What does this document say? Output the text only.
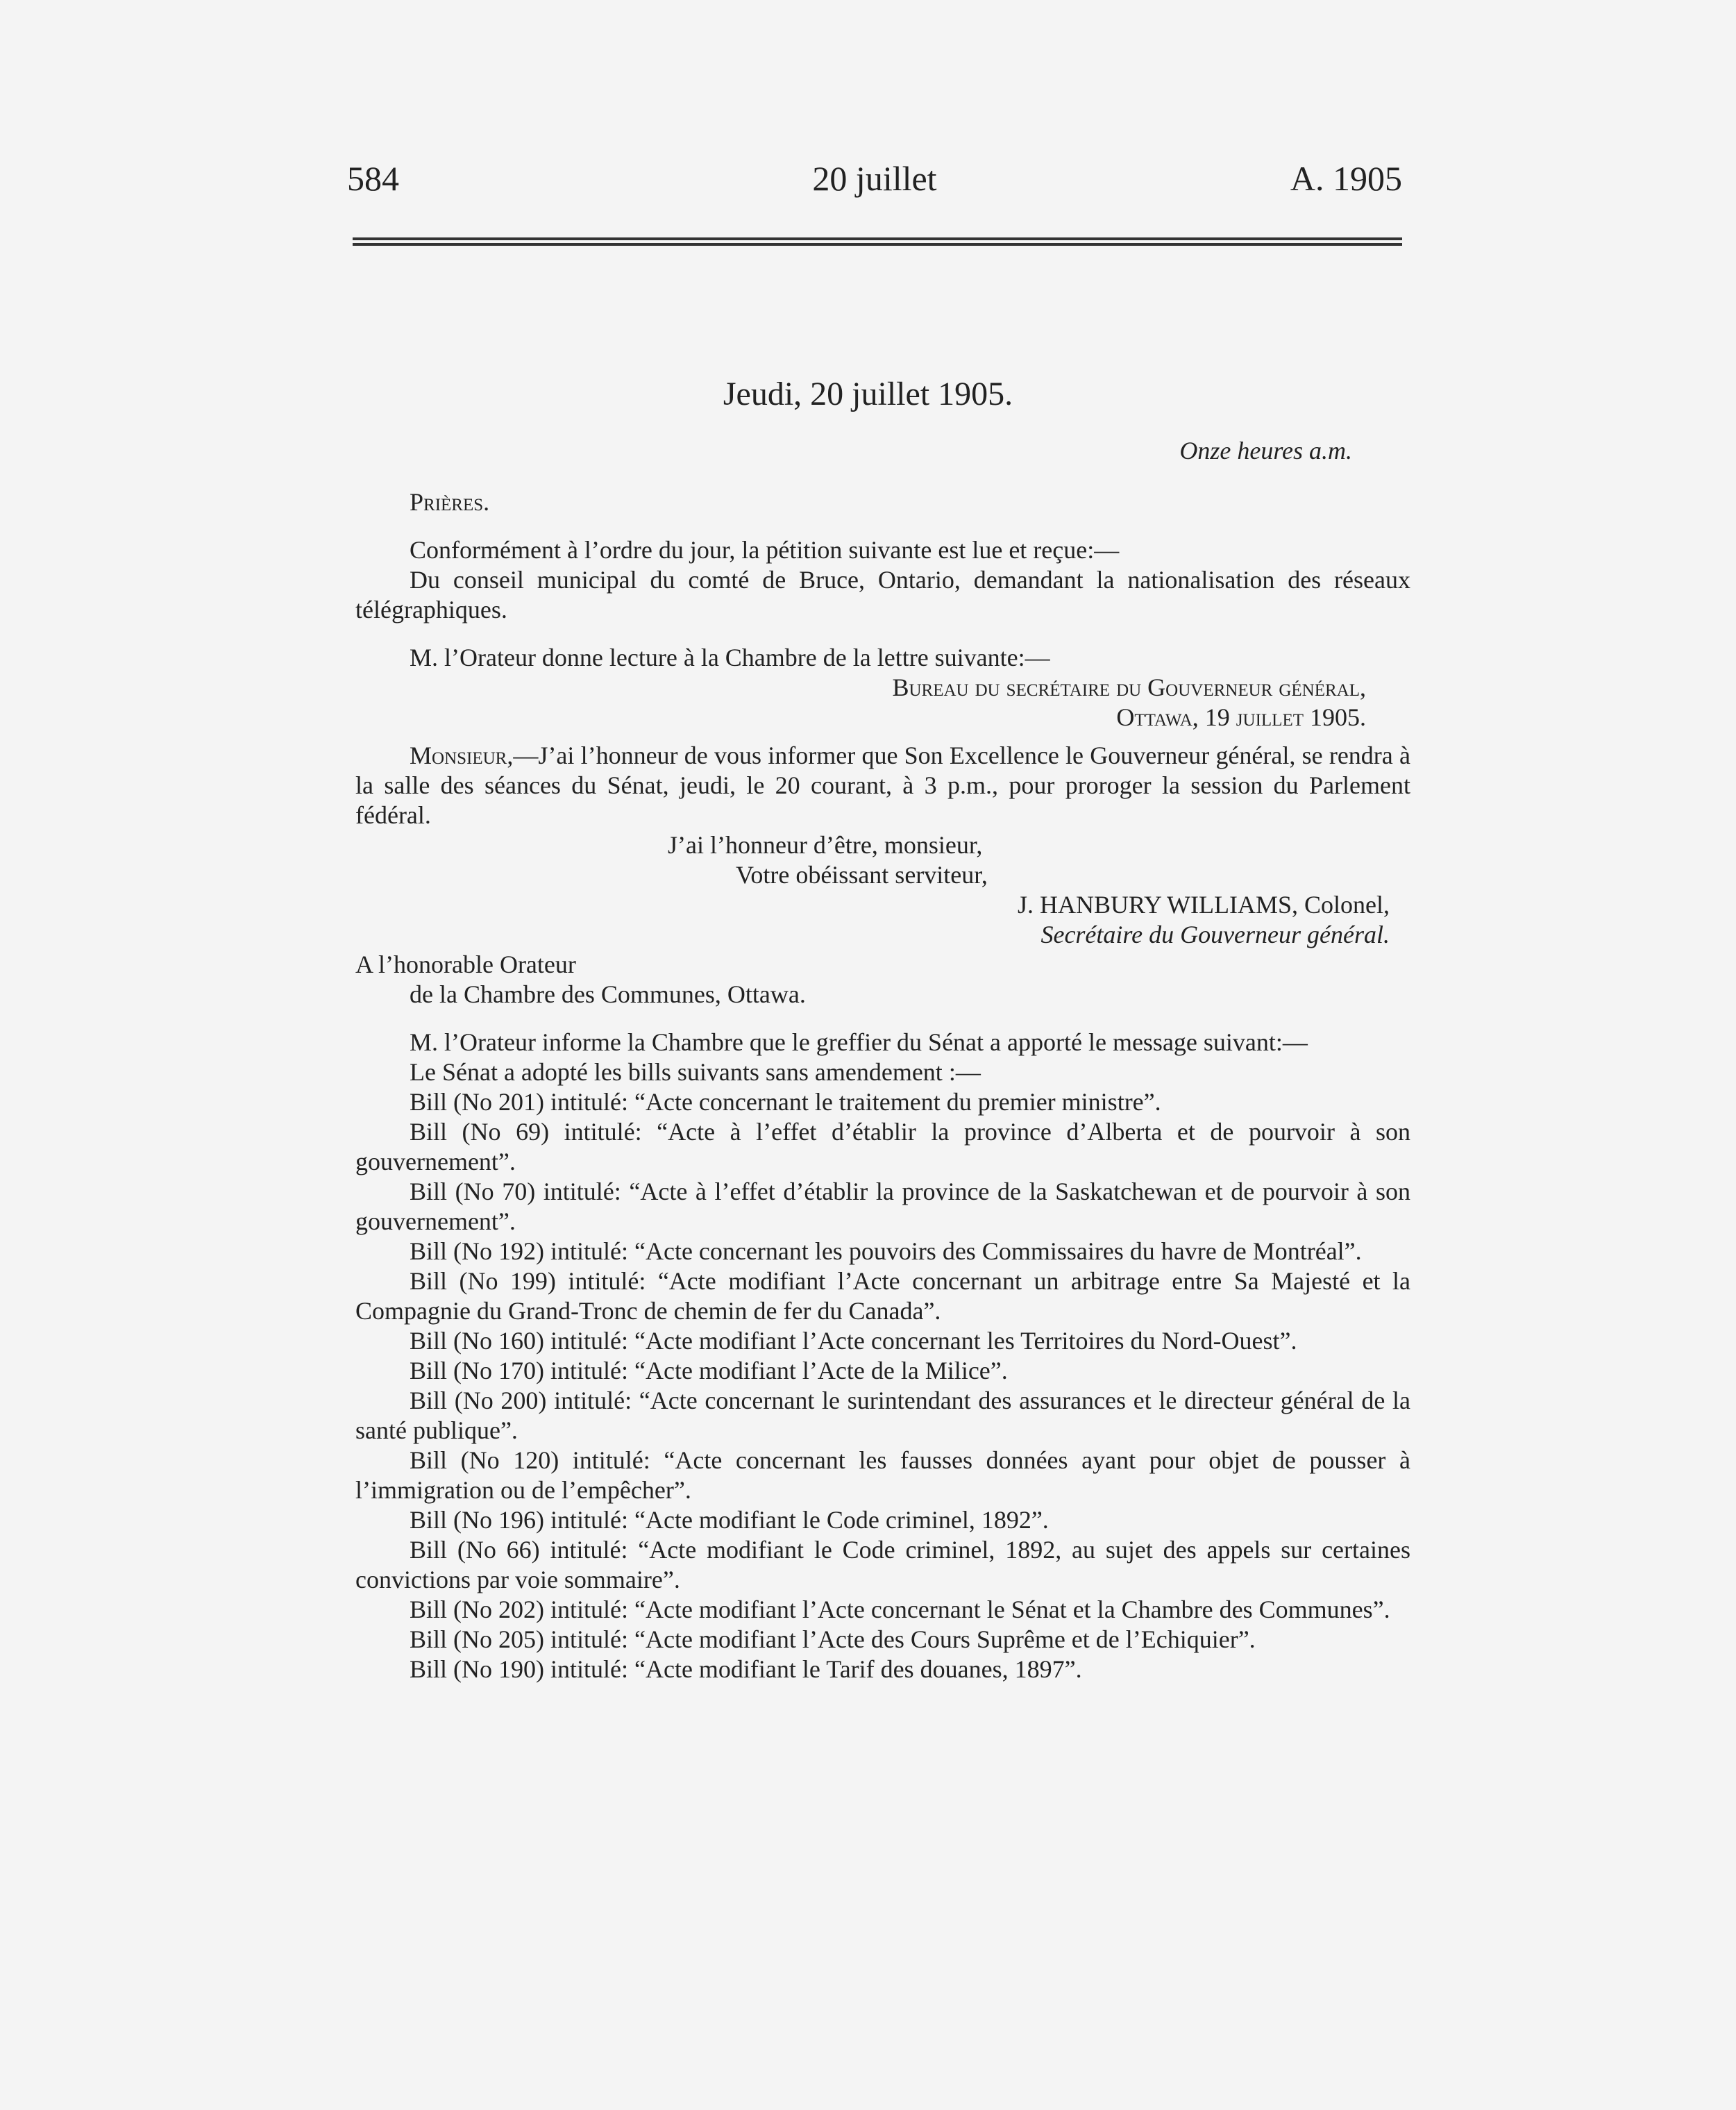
584	20 juillet	A. 1905
Jeudi, 20 juillet 1905.
Onze heures a.m.

Prières.

Conformément à l’ordre du jour, la pétition suivante est lue et reçue:—

Du conseil municipal du comté de Bruce, Ontario, demandant la nationalisation des réseaux télégraphiques.

M. l’Orateur donne lecture à la Chambre de la lettre suivante:—

Bureau du secrétaire du Gouverneur général,

Ottawa, 19 juillet 1905.

Monsieur,—J’ai l’honneur de vous informer que Son Excellence le Gouverneur général, se rendra à la salle des séances du Sénat, jeudi, le 20 courant, à 3 p.m., pour proroger la session du Parlement fédéral.

J’ai l’honneur d’être, monsieur,

Votre obéissant serviteur,

J. HANBURY WILLIAMS, Colonel,

Secrétaire du Gouverneur général.

A l’honorable Orateur

de la Chambre des Communes, Ottawa.

M. l’Orateur informe la Chambre que le greffier du Sénat a apporté le message suivant:—

Le Sénat a adopté les bills suivants sans amendement :—

Bill (No 201) intitulé: “Acte concernant le traitement du premier ministre”.

Bill (No 69) intitulé: “Acte à l’effet d’établir la province d’Alberta et de pourvoir à son gouvernement”.

Bill (No 70) intitulé: “Acte à l’effet d’établir la province de la Saskatchewan et de pourvoir à son gouvernement”.

Bill (No 192) intitulé: “Acte concernant les pouvoirs des Commissaires du havre de Montréal”.

Bill (No 199) intitulé: “Acte modifiant l’Acte concernant un arbitrage entre Sa Majesté et la Compagnie du Grand-Tronc de chemin de fer du Canada”.

Bill (No 160) intitulé: “Acte modifiant l’Acte concernant les Territoires du Nord-Ouest”.

Bill (No 170) intitulé: “Acte modifiant l’Acte de la Milice”.

Bill (No 200) intitulé: “Acte concernant le surintendant des assurances et le directeur général de la santé publique”.

Bill (No 120) intitulé: “Acte concernant les fausses données ayant pour objet de pousser à l’immigration ou de l’empêcher”.

Bill (No 196) intitulé: “Acte modifiant le Code criminel, 1892”.

Bill (No 66) intitulé: “Acte modifiant le Code criminel, 1892, au sujet des appels sur certaines convictions par voie sommaire”.

Bill (No 202) intitulé: “Acte modifiant l’Acte concernant le Sénat et la Chambre des Communes”.

Bill (No 205) intitulé: “Acte modifiant l’Acte des Cours Suprême et de l’Echiquier”.

Bill (No 190) intitulé: “Acte modifiant le Tarif des douanes, 1897”.
